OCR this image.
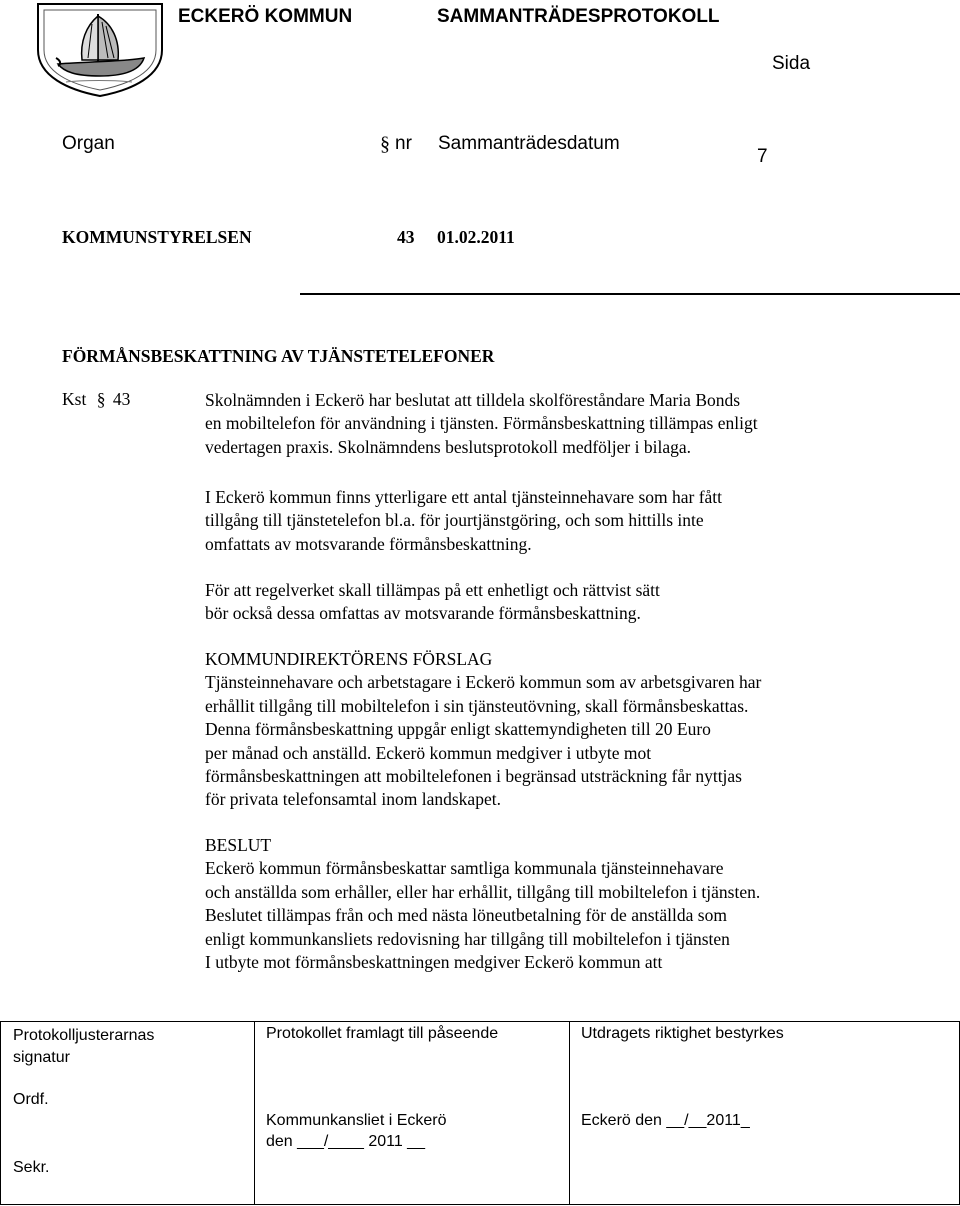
ECKERÖ KOMMUN	SAMMANTRÄDESPROTOKOLL
Sida
Organ	§ nr Sammanträdesdatum
7
KOMMUNSTYRELSEN	43 01.02.2011
FÖRMÅNSBESKATTNING AV TJÄNSTETELEFONER
Kst § 43	Skolnämnden i Eckerö har beslutat att tilldela skolföreståndare Maria Bonds
en mobiltelefon för användning i tjänsten. Förmånsbeskattning tillämpas enligt
vedertagen praxis. Skolnämndens beslutsprotokoll medföljer i bilaga.
I Eckerö kommun finns ytterligare ett antal tjänsteinnehavare som har fått
tillgång till tjänstetelefon bl.a. för jourtjänstgöring, och som hittills inte
omfattats av motsvarande förmånsbeskattning.
För att regelverket skall tillämpas på ett enhetligt och rättvist sätt
bör också dessa omfattas av motsvarande förmånsbeskattning.
KOMMUNDIREKTÖRENS FÖRSLAG
Tjänsteinnehavare och arbetstagare i Eckerö kommun som av arbetsgivaren har
erhållit tillgång till mobiltelefon i sin tjänsteutövning, skall förmånsbeskattas.
Denna förmånsbeskattning uppgår enligt skattemyndigheten till 20 Euro
per månad och anställd. Eckerö kommun medgiver i utbyte mot
förmånsbeskattningen att mobiltelefonen i begränsad utsträckning får nyttjas
för privata telefonsamtal inom landskapet.
BESLUT
Eckerö kommun förmånsbeskattar samtliga kommunala tjänsteinnehavare
och anställda som erhåller, eller har erhållit, tillgång till mobiltelefon i tjänsten.
Beslutet tillämpas från och med nästa löneutbetalning för de anställda som
enligt kommunkansliets redovisning har tillgång till mobiltelefon i tjänsten
I utbyte mot förmånsbeskattningen medgiver Eckerö kommun att
Protokolljusterarnas
signatur
Ordf.
Sekr.

Protokollet framlagt till påseende
Kommunkansliet i Eckerö
den ___/____ 2011 __

Utdragets riktighet bestyrkes
Eckerö den __/__2011_
